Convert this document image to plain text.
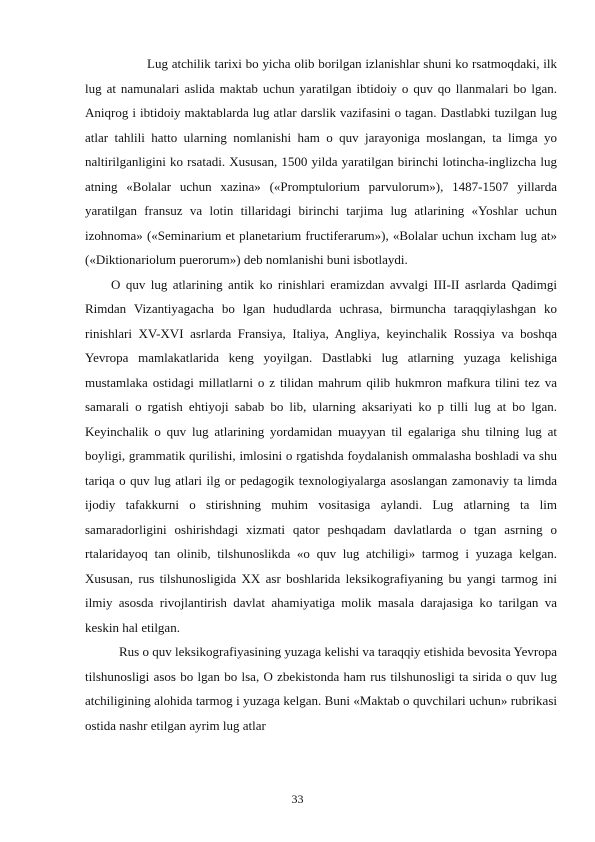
Lug atchilik tarixi bo yicha olib borilgan izlanishlar shuni ko rsatmoqdaki, ilk lug at namunalari aslida maktab uchun yaratilgan ibtidoiy o quv qo llanmalari bo lgan. Aniqrog i ibtidoiy maktablarda lug atlar darslik vazifasini o tagan. Dastlabki tuzilgan lug atlar tahlili hatto ularning nomlanishi ham o quv jarayoniga moslangan, ta limga yo naltirilganligini ko rsatadi. Xususan, 1500 yilda yaratilgan birinchi lotincha-inglizcha lug atning «Bolalar uchun xazina» («Promptulorium parvulorum»), 1487-1507 yillarda yaratilgan fransuz va lotin tillaridagi birinchi tarjima lug atlarining «Yoshlar uchun izohnoma» («Seminarium et planetarium fructiferarum»), «Bolalar uchun ixcham lug at» («Diktionariolum puerorum») deb nomlanishi buni isbotlaydi.

O quv lug atlarining antik ko rinishlari eramizdan avvalgi III-II asrlarda Qadimgi Rimdan Vizantiyagacha bo lgan hududlarda uchrasa, birmuncha taraqqiylashgan ko rinishlari XV-XVI asrlarda Fransiya, Italiya, Angliya, keyinchalik Rossiya va boshqa Yevropa mamlakatlarida keng yoyilgan. Dastlabki lug atlarning yuzaga kelishiga mustamlaka ostidagi millatlarni o z tilidan mahrum qilib hukmron mafkura tilini tez va samarali o rgatish ehtiyoji sabab bo lib, ularning aksariyati ko p tilli lug at bo lgan. Keyinchalik o quv lug atlarining yordamidan muayyan til egalariga shu tilning lug at boyligi, grammatik qurilishi, imlosini o rgatishda foydalanish ommalasha boshladi va shu tariqa o quv lug atlari ilg or pedagogik texnologiyalarga asoslangan zamonaviy ta limda ijodiy tafakkurni o stirishning muhim vositasiga aylandi. Lug atlarning ta lim samaradorligini oshirishdagi xizmati qator peshqadam davlatlarda o tgan asrning o rtalaridayoq tan olinib, tilshunoslikda «o quv lug atchiligi» tarmog i yuzaga kelgan. Xususan, rus tilshunosligida XX asr boshlarida leksikografiyaning bu yangi tarmog ini ilmiy asosda rivojlantirish davlat ahamiyatiga molik masala darajasiga ko tarilgan va keskin hal etilgan.

Rus o quv leksikografiyasining yuzaga kelishi va taraqqiy etishida bevosita Yevropa tilshunosligi asos bo lgan bo lsa, O zbekistonda ham rus tilshunosligi ta sirida o quv lug atchiligining alohida tarmog i yuzaga kelgan. Buni «Maktab o quvchilari uchun» rubrikasi ostida nashr etilgan ayrim lug atlar

33
